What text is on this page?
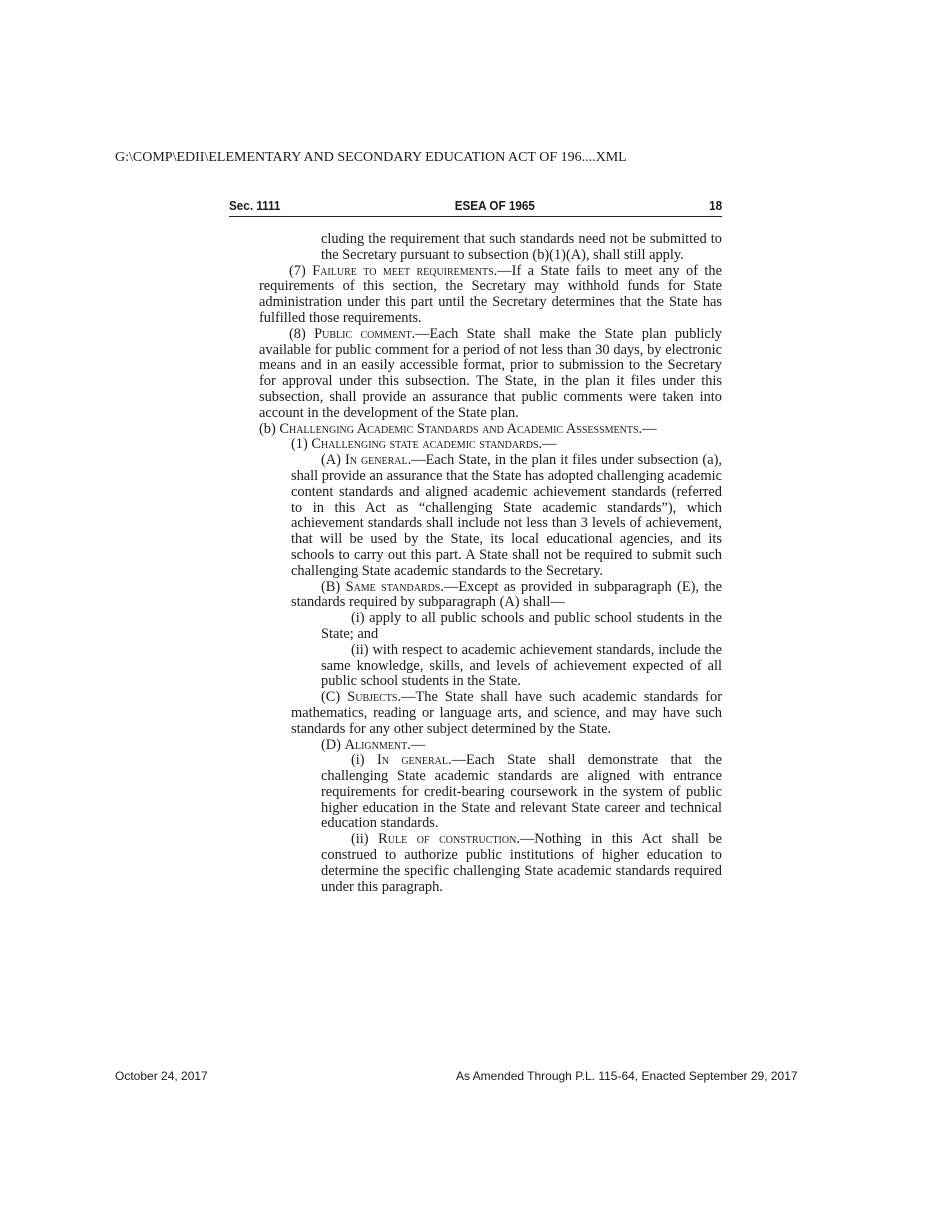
G:\COMP\EDII\ELEMENTARY AND SECONDARY EDUCATION ACT OF 196....XML
Sec. 1111	ESEA OF 1965	18

cluding the requirement that such standards need not be submitted to the Secretary pursuant to subsection (b)(1)(A), shall still apply.

(7) Failure to meet requirements.—If a State fails to meet any of the requirements of this section, the Secretary may withhold funds for State administration under this part until the Secretary determines that the State has fulfilled those requirements.

(8) Public comment.—Each State shall make the State plan publicly available for public comment for a period of not less than 30 days, by electronic means and in an easily accessible format, prior to submission to the Secretary for approval under this subsection. The State, in the plan it files under this subsection, shall provide an assurance that public comments were taken into account in the development of the State plan.

(b) Challenging Academic Standards and Academic Assessments.—

(1) Challenging state academic standards.—

(A) In general.—Each State, in the plan it files under subsection (a), shall provide an assurance that the State has adopted challenging academic content standards and aligned academic achievement standards (referred to in this Act as “challenging State academic standards”), which achievement standards shall include not less than 3 levels of achievement, that will be used by the State, its local educational agencies, and its schools to carry out this part. A State shall not be required to submit such challenging State academic standards to the Secretary.

(B) Same standards.—Except as provided in subparagraph (E), the standards required by subparagraph (A) shall—

(i) apply to all public schools and public school students in the State; and

(ii) with respect to academic achievement standards, include the same knowledge, skills, and levels of achievement expected of all public school students in the State.

(C) Subjects.—The State shall have such academic standards for mathematics, reading or language arts, and science, and may have such standards for any other subject determined by the State.

(D) Alignment.—

(i) In general.—Each State shall demonstrate that the challenging State academic standards are aligned with entrance requirements for credit-bearing coursework in the system of public higher education in the State and relevant State career and technical education standards.

(ii) Rule of construction.—Nothing in this Act shall be construed to authorize public institutions of higher education to determine the specific challenging State academic standards required under this paragraph.

October 24, 2017	As Amended Through P.L. 115-64, Enacted September 29, 2017
